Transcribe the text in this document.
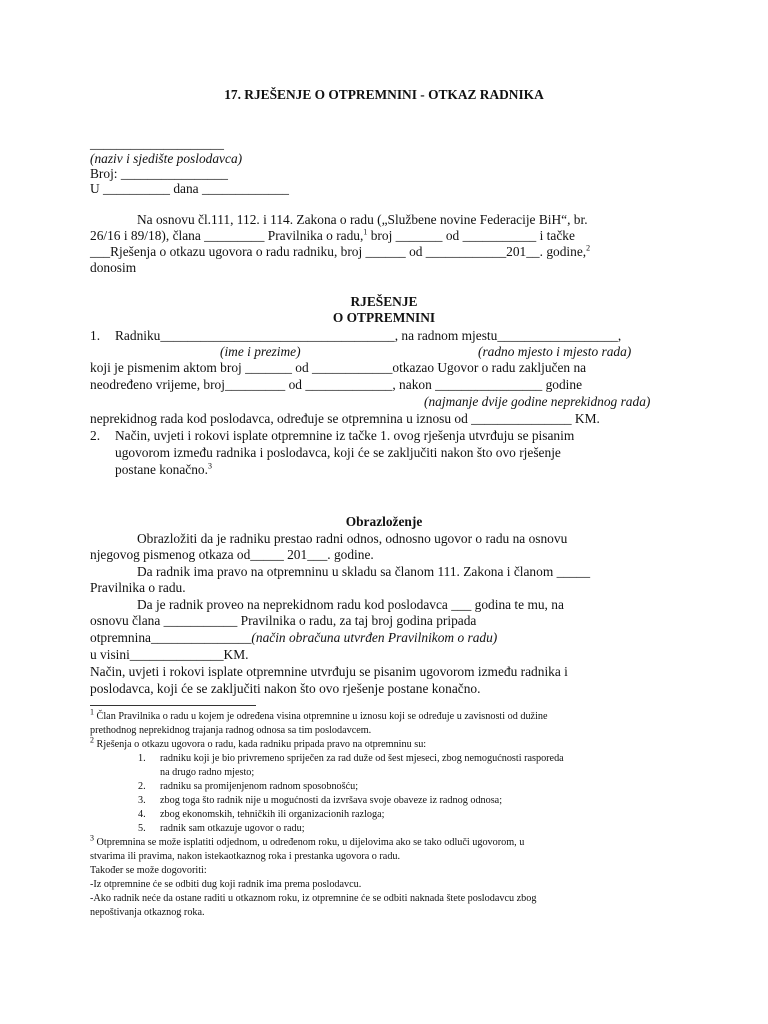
17. RJEŠENJE O OTPREMNINI - OTKAZ RADNIKA
____________________
(naziv i sjedište poslodavca)
Broj: ________________
U __________ dana _____________
Na osnovu čl.111, 112. i 114. Zakona o radu („Službene novine Federacije BiH“, br.
26/16 i 89/18), člana _________ Pravilnika o radu,$^1$ broj _______ od ___________ i tačke
___Rješenja o otkazu ugovora o radu radniku, broj ______ od ____________201__. godine,$^2$
donosim
RJEŠENJE
O OTPREMNINI
1. Radniku___________________________________, na radnom mjestu__________________,
(ime i prezime)	(radno mjesto i mjesto rada)
koji je pismenim aktom broj _______ od ____________otkazao Ugovor o radu zaključen na
neodređeno vrijeme, broj_________ od _____________, nakon ________________ godine
(najmanje dvije godine neprekidnog rada)
neprekidnog rada kod poslodavca, određuje se otpremnina u iznosu od _______________ KM.
2. Način, uvjeti i rokovi isplate otpremnine iz tačke 1. ovog rješenja utvrđuju se pisanim
ugovorom između radnika i poslodavca, koji će se zaključiti nakon što ovo rješenje
postane konačno.$^3$
Obrazloženje
Obrazložiti da je radniku prestao radni odnos, odnosno ugovor o radu na osnovu
njegovog pismenog otkaza od_____ 201___. godine.
Da radnik ima pravo na otpremninu u skladu sa članom 111. Zakona i članom _____
Pravilnika o radu.
Da je radnik proveo na neprekidnom radu kod poslodavca ___ godina te mu, na
osnovu člana ___________ Pravilnika o radu, za taj broj godina pripada
otpremnina_______________(način obračuna utvrđen Pravilnikom o radu)
u visini______________KM.
Način, uvjeti i rokovi isplate otpremnine utvrđuju se pisanim ugovorom između radnika i
poslodavca, koji će se zaključiti nakon što ovo rješenje postane konačno.
$^1$ Član Pravilnika o radu u kojem je određena visina otpremnine u iznosu koji se određuje u zavisnosti od dužine
prethodnog neprekidnog trajanja radnog odnosa sa tim poslodavcem.
$^2$ Rješenja o otkazu ugovora o radu, kada radniku pripada pravo na otpremninu su:
1. radniku koji je bio privremeno spriječen za rad duže od šest mjeseci, zbog nemogućnosti rasporeda
na drugo radno mjesto;
2. radniku sa promijenjenom radnom sposobnošću;
3. zbog toga što radnik nije u mogućnosti da izvršava svoje obaveze iz radnog odnosa;
4. zbog ekonomskih, tehničkih ili organizacionih razloga;
5. radnik sam otkazuje ugovor o radu;
$^3$ Otpremnina se može isplatiti odjednom, u određenom roku, u dijelovima ako se tako odluči ugovorom, u
stvarima ili pravima, nakon istekaotkaznog roka i prestanka ugovora o radu.
Također se može dogovoriti:
-Iz otpremnine će se odbiti dug koji radnik ima prema poslodavcu.
-Ako radnik neće da ostane raditi u otkaznom roku, iz otpremnine će se odbiti naknada štete poslodavcu zbog
nepoštivanja otkaznog roka.
